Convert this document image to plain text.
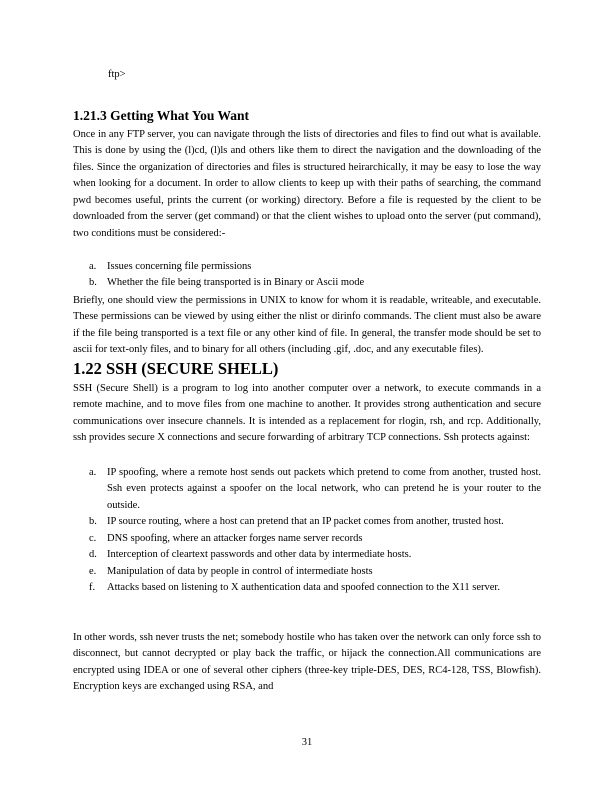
ftp>
1.21.3 Getting What You Want

Once in any FTP server, you can navigate through the lists of directories and files to find out what is available. This is done by using the (l)cd, (l)ls and others like them to direct the navigation and the downloading of the files. Since the organization of directories and files is structured heirarchically, it may be easy to lose the way when looking for a document. In order to allow clients to keep up with their paths of searching, the command pwd becomes useful, prints the current (or working) directory. Before a file is requested by the client to be downloaded from the server (get command) or that the client wishes to upload onto the server (put command), two conditions must be considered:-

a. Issues concerning file permissions
b. Whether the file being transported is in Binary or Ascii mode

Briefly, one should view the permissions in UNIX to know for whom it is readable, writeable, and executable. These permissions can be viewed by using either the nlist or dirinfo commands. The client must also be aware if the file being transported is a text file or any other kind of file. In general, the transfer mode should be set to ascii for text-only files, and to binary for all others (including .gif, .doc, and any executable files).

1.22 SSH (SECURE SHELL)

SSH (Secure Shell) is a program to log into another computer over a network, to execute commands in a remote machine, and to move files from one machine to another. It provides strong authentication and secure communications over insecure channels. It is intended as a replacement for rlogin, rsh, and rcp. Additionally, ssh provides secure X connections and secure forwarding of arbitrary TCP connections. Ssh protects against:

a. IP spoofing, where a remote host sends out packets which pretend to come from another, trusted host. Ssh even protects against a spoofer on the local network, who can pretend he is your router to the outside.
b. IP source routing, where a host can pretend that an IP packet comes from another, trusted host.
c. DNS spoofing, where an attacker forges name server records
d. Interception of cleartext passwords and other data by intermediate hosts.
e. Manipulation of data by people in control of intermediate hosts
f. Attacks based on listening to X authentication data and spoofed connection to the X11 server.

In other words, ssh never trusts the net; somebody hostile who has taken over the network can only force ssh to disconnect, but cannot decrypted or play back the traffic, or hijack the connection.All communications are encrypted using IDEA or one of several other ciphers (three-key triple-DES, DES, RC4-128, TSS, Blowfish). Encryption keys are exchanged using RSA, and

31
